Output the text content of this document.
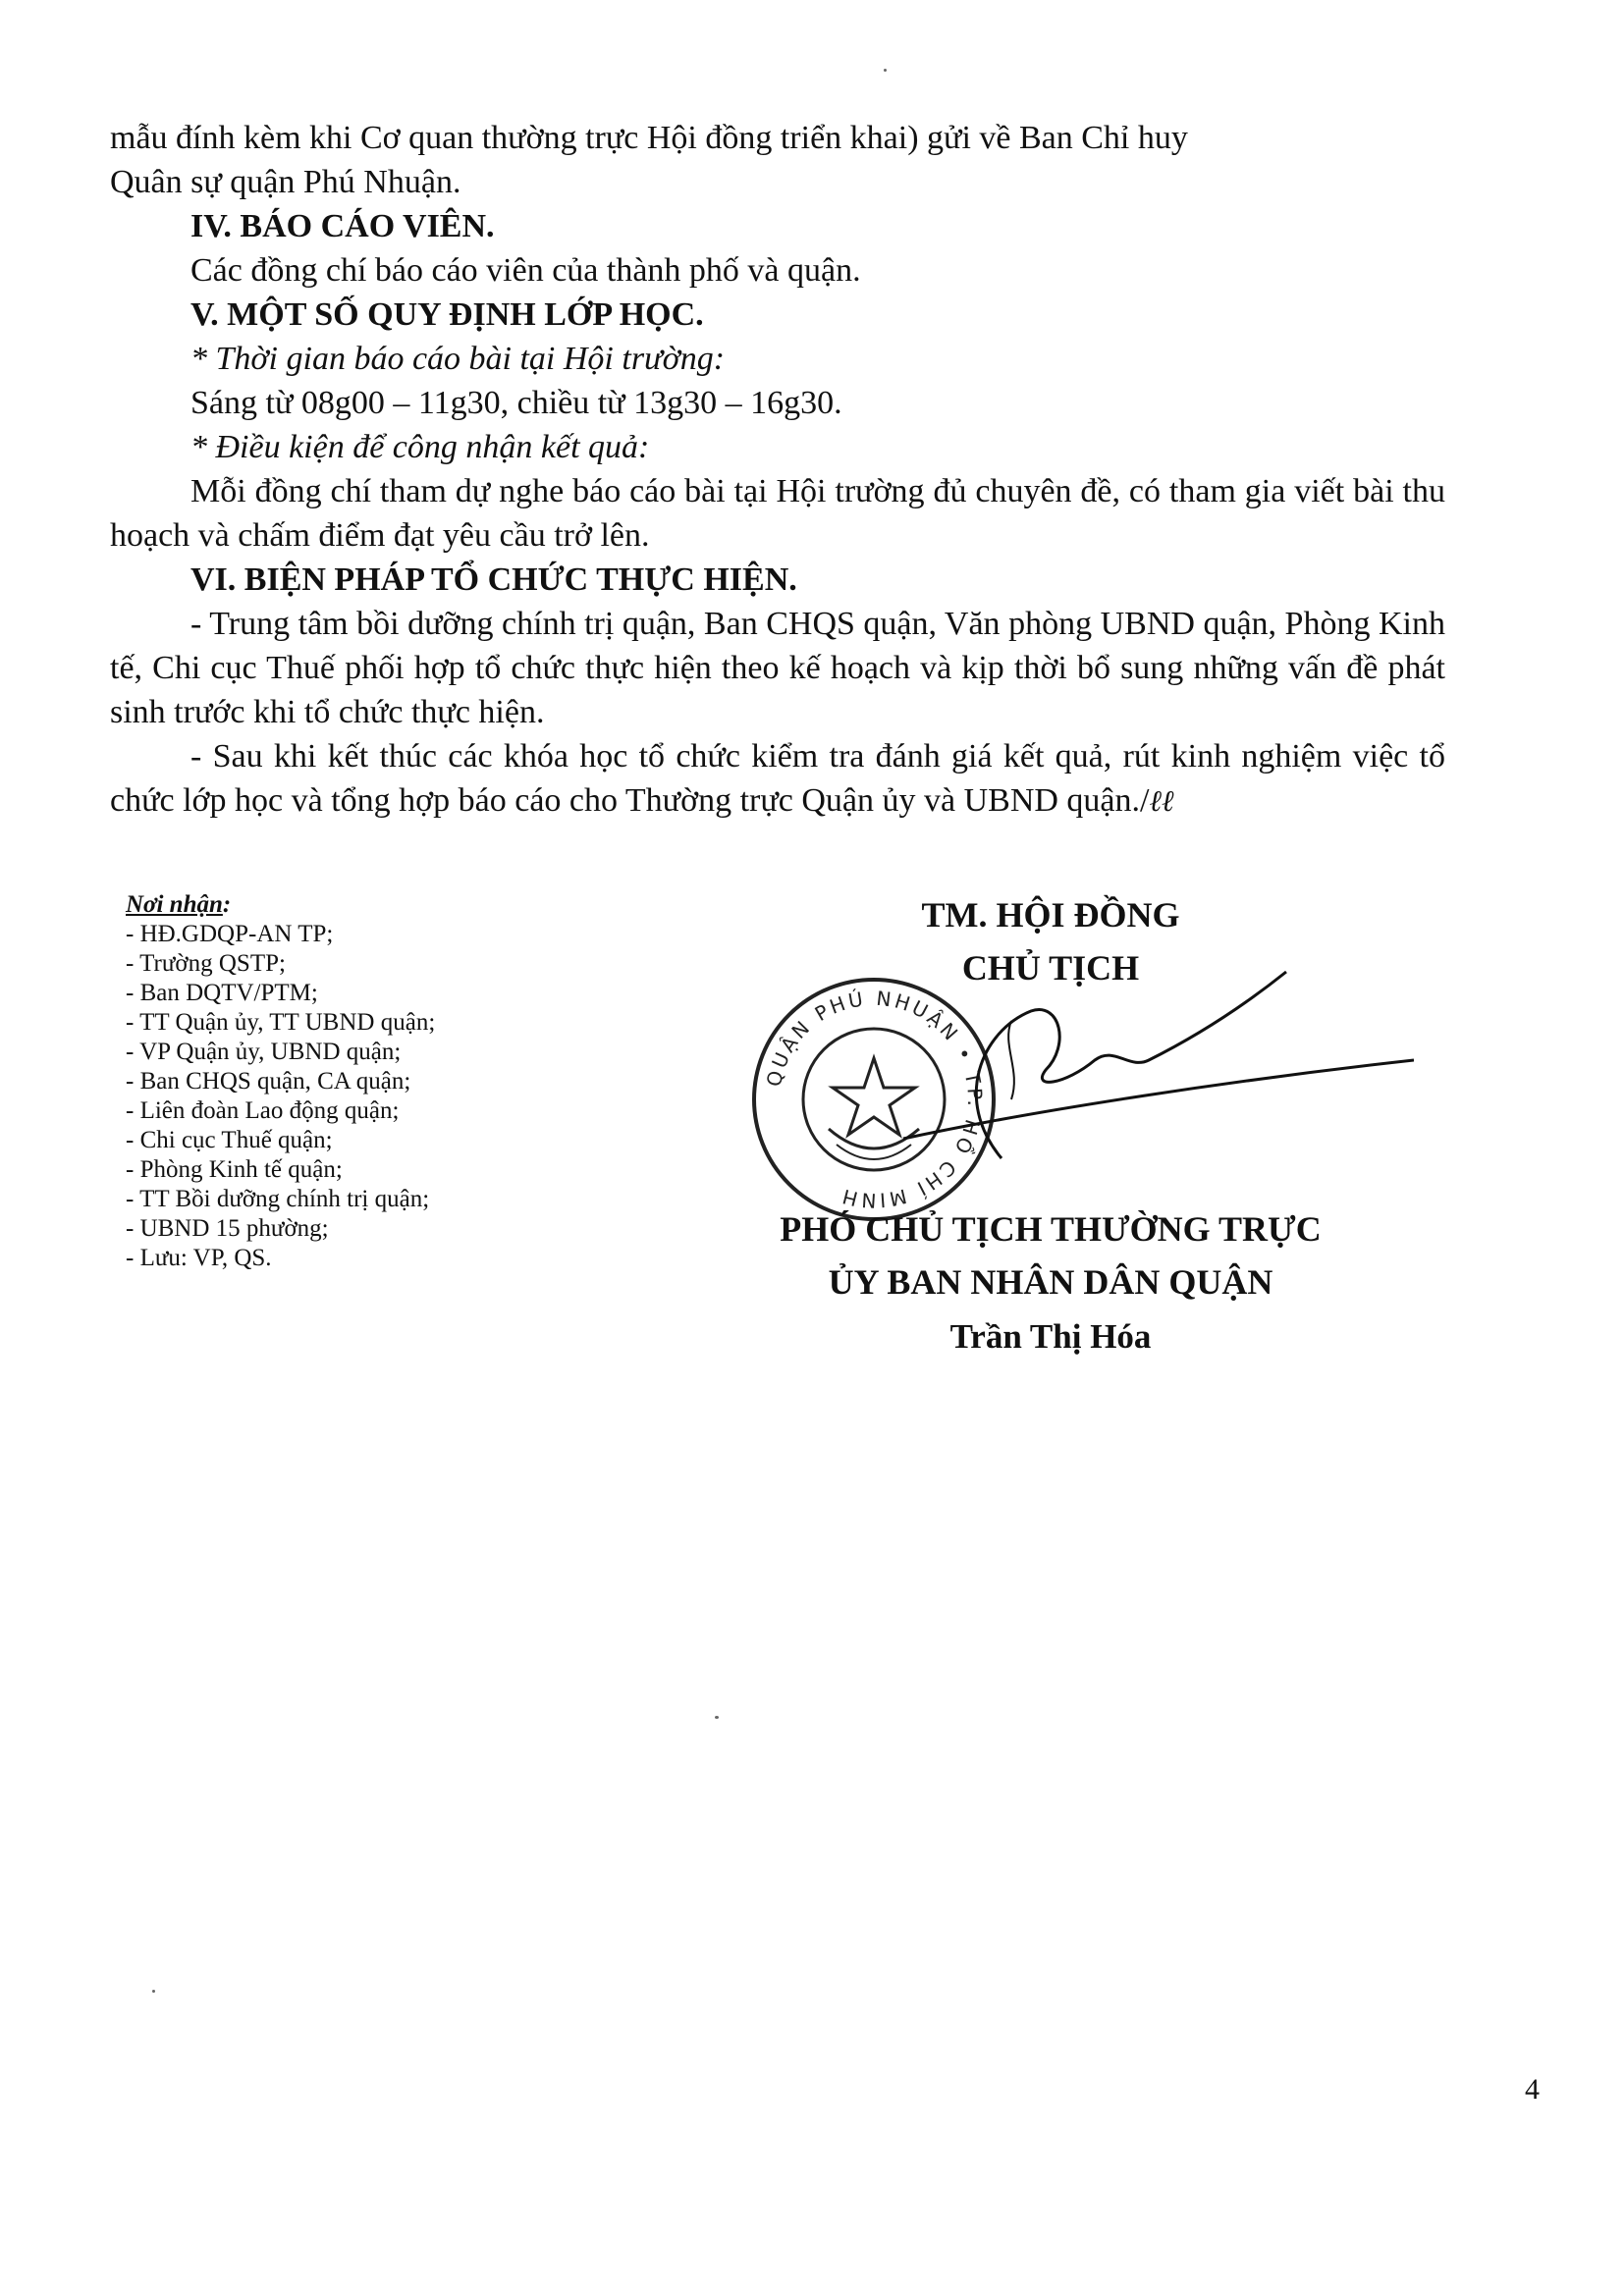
mẫu đính kèm khi Cơ quan thường trực Hội đồng triển khai) gửi về Ban Chỉ huy

Quân sự quận Phú Nhuận.

IV. BÁO CÁO VIÊN.

Các đồng chí báo cáo viên của thành phố và quận.

V. MỘT SỐ QUY ĐỊNH LỚP HỌC.

* Thời gian báo cáo bài tại Hội trường:

Sáng từ 08g00 – 11g30, chiều từ 13g30 – 16g30.

* Điều kiện để công nhận kết quả:

Mỗi đồng chí tham dự nghe báo cáo bài tại Hội trường đủ chuyên đề, có tham gia viết bài thu hoạch và chấm điểm đạt yêu cầu trở lên.

VI. BIỆN PHÁP TỔ CHỨC THỰC HIỆN.

- Trung tâm bồi dưỡng chính trị quận, Ban CHQS quận, Văn phòng UBND quận, Phòng Kinh tế, Chi cục Thuế phối hợp tổ chức thực hiện theo kế hoạch và kịp thời bổ sung những vấn đề phát sinh trước khi tổ chức thực hiện.

- Sau khi kết thúc các khóa học tổ chức kiểm tra đánh giá kết quả, rút kinh nghiệm việc tổ chức lớp học và tổng hợp báo cáo cho Thường trực Quận ủy và UBND quận./ℓℓ

Nơi nhận:
- HĐ.GDQP-AN TP;
- Trường QSTP;
- Ban DQTV/PTM;
- TT Quận ủy, TT UBND quận;
- VP Quận ủy, UBND quận;
- Ban CHQS quận, CA quận;
- Liên đoàn Lao động quận;
- Chi cục Thuế quận;
- Phòng Kinh tế quận;
- TT Bồi dưỡng chính trị quận;
- UBND 15 phường;
- Lưu: VP, QS.
TM. HỘI ĐỒNG
CHỦ TỊCH
QUẬN PHÚ NHUẬN • TP. HỒ CHÍ MINH
PHÓ CHỦ TỊCH THƯỜNG TRỰC
ỦY BAN NHÂN DÂN QUẬN
Trần Thị Hóa
4
